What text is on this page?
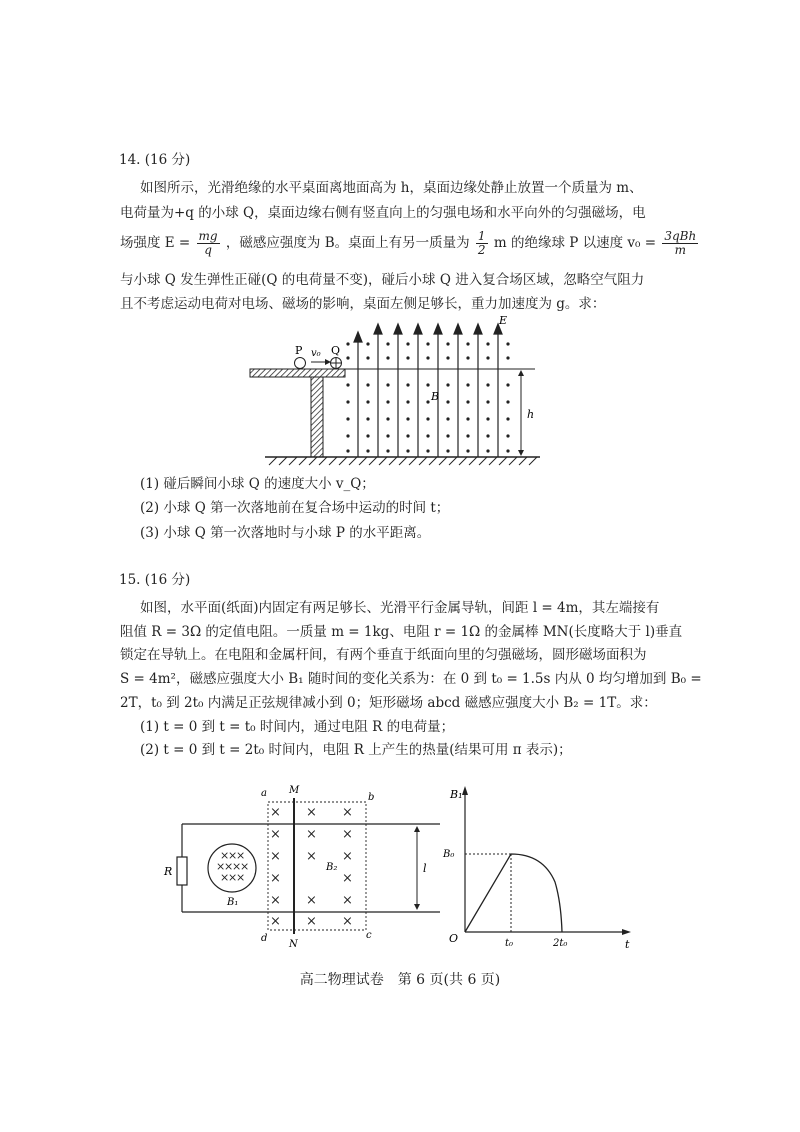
14. (16 分)
如图所示，光滑绝缘的水平桌面离地面高为 h，桌面边缘处静止放置一个质量为 m、
电荷量为+q 的小球 Q，桌面边缘右侧有竖直向上的匀强电场和水平向外的匀强磁场，电
场强度 $E = \frac{mg}{q}$ ，磁感应强度为 B。桌面上有另一质量为 $\frac{1}{2}$ m 的绝缘球 P 以速度 $v_0 = \frac{\text{3qBh}}{m}$
与小球 Q 发生弹性正碰(Q 的电荷量不变)，碰后小球 Q 进入复合场区域，忽略空气阻力
且不考虑运动电荷对电场、磁场的影响，桌面左侧足够长，重力加速度为 g。求：
P v₀ Q
E
B
h
(1) 碰后瞬间小球 Q 的速度大小 v_Q；
(2) 小球 Q 第一次落地前在复合场中运动的时间 t；
(3) 小球 Q 第一次落地时与小球 P 的水平距离。
15. (16 分)
如图，水平面(纸面)内固定有两足够长、光滑平行金属导轨，间距 l = 4m，其左端接有
阻值 R = 3Ω 的定值电阻。一质量 m = 1kg、电阻 r = 1Ω 的金属棒 MN(长度略大于 l)垂直
锁定在导轨上。在电阻和金属杆间，有两个垂直于纸面向里的匀强磁场，圆形磁场面积为
S = 4m²，磁感应强度大小 B₁ 随时间的变化关系为：在 0 到 t₀ = 1.5s 内从 0 均匀增加到 B₀ =
2T，t₀ 到 2t₀ 内满足正弦规律减小到 0；矩形磁场 abcd 磁感应强度大小 B₂ = 1T。求：
(1) t = 0 到 t = t₀ 时间内，通过电阻 R 的电荷量；
(2) t = 0 到 t = 2t₀ 时间内，电阻 R 上产生的热量(结果可用 π 表示)；
R
×
×
×
×
×
×
×
×
×
×
B₁
a	b
d	c
× × ×
× × ×
× × ×
×	×
× × ×
× × ×
B₂
M
N
l
B₁
O	t
B₀
t₀	2t₀
高二物理试卷　第 6 页(共 6 页)
